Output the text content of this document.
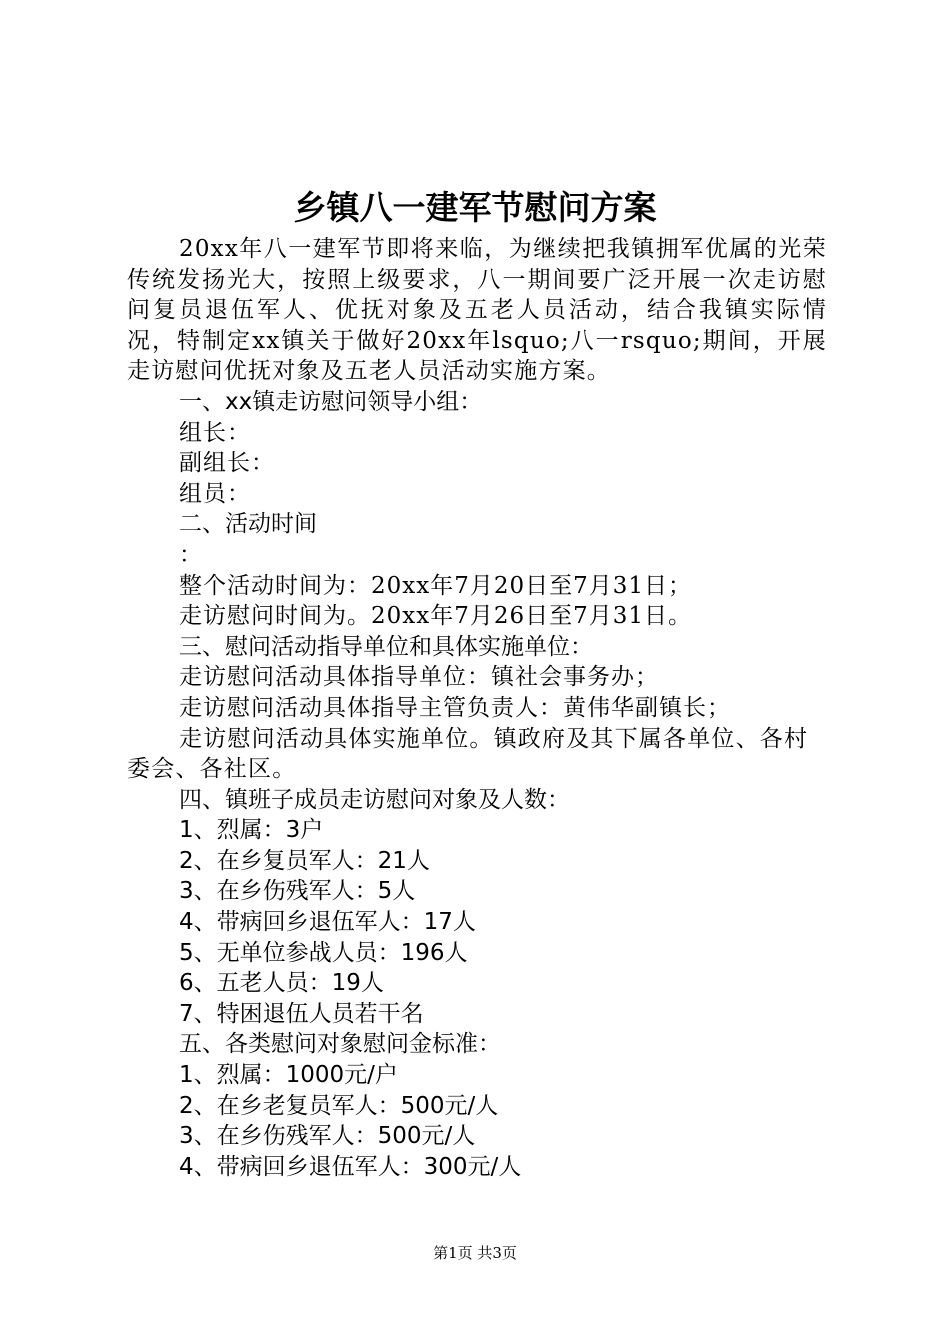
乡镇八一建军节慰问方案

20xx年八一建军节即将来临，为继续把我镇拥军优属的光荣传统发扬光大，按照上级要求，八一期间要广泛开展一次走访慰问复员退伍军人、优抚对象及五老人员活动，结合我镇实际情况，特制定xx镇关于做好20xx年lsquo;八一rsquo;期间，开展走访慰问优抚对象及五老人员活动实施方案。

一、xx镇走访慰问领导小组：

组长：

副组长：

组员：

二、活动时间

：

整个活动时间为：20xx年7月20日至7月31日；

走访慰问时间为。20xx年7月26日至7月31日。

三、慰问活动指导单位和具体实施单位：

走访慰问活动具体指导单位：镇社会事务办；

走访慰问活动具体指导主管负责人：黄伟华副镇长；

走访慰问活动具体实施单位。镇政府及其下属各单位、各村委会、各社区。

四、镇班子成员走访慰问对象及人数：

1、烈属：3户

2、在乡复员军人：21人

3、在乡伤残军人：5人

4、带病回乡退伍军人：17人

5、无单位参战人员：196人

6、五老人员：19人

7、特困退伍人员若干名

五、各类慰问对象慰问金标准：

1、烈属：1000元/户

2、在乡老复员军人：500元/人

3、在乡伤残军人：500元/人

4、带病回乡退伍军人：300元/人

第1页 共3页
